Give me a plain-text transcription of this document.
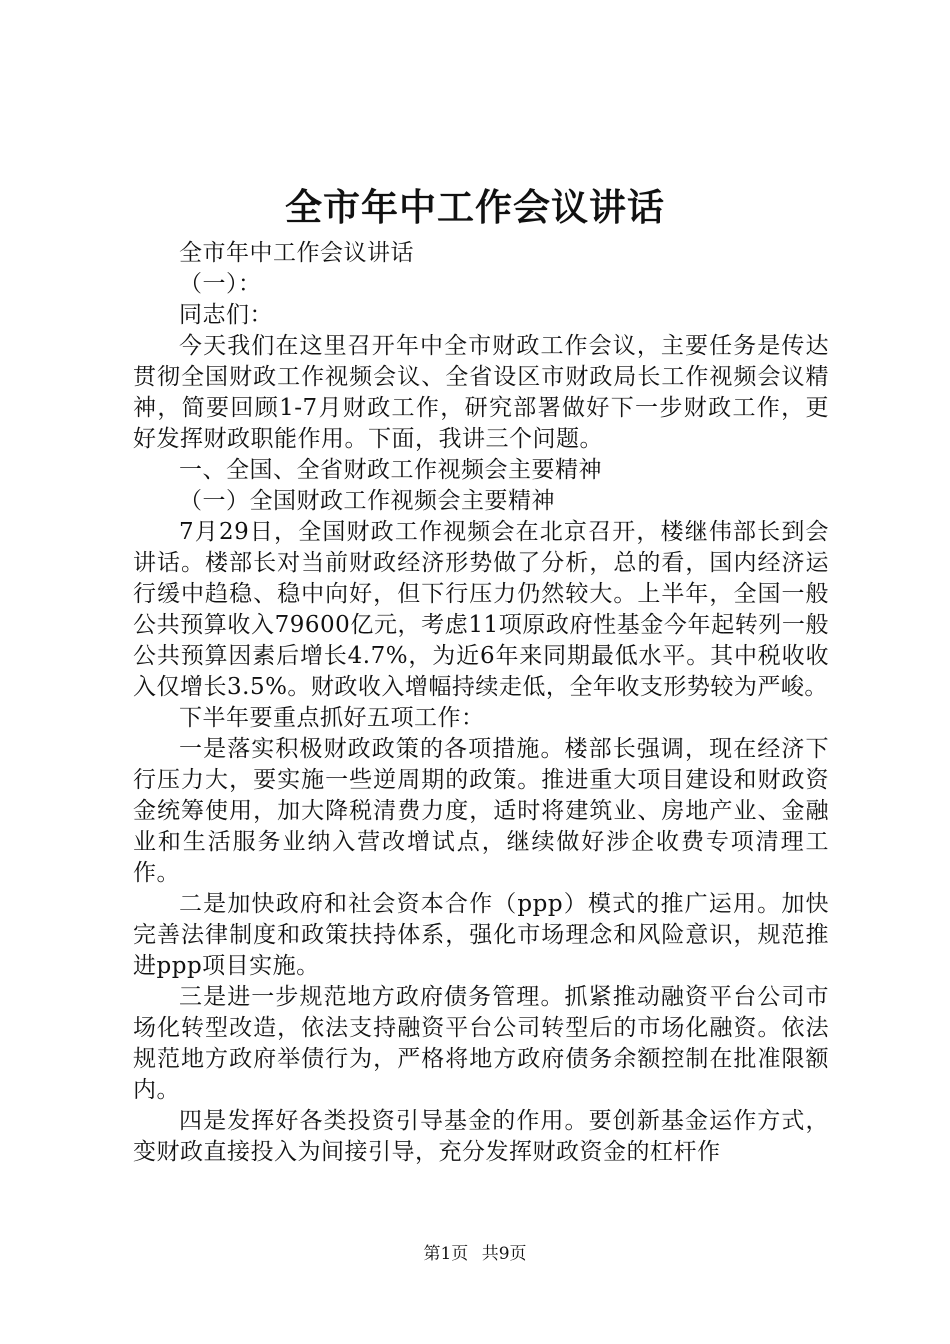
全市年中工作会议讲话

全市年中工作会议讲话

（一）：

同志们：

今天我们在这里召开年中全市财政工作会议，主要任务是传达贯彻全国财政工作视频会议、全省设区市财政局长工作视频会议精神，简要回顾1-7月财政工作，研究部署做好下一步财政工作，更好发挥财政职能作用。下面，我讲三个问题。

一、全国、全省财政工作视频会主要精神

（一）全国财政工作视频会主要精神

7月29日，全国财政工作视频会在北京召开，楼继伟部长到会讲话。楼部长对当前财政经济形势做了分析，总的看，国内经济运行缓中趋稳、稳中向好，但下行压力仍然较大。上半年，全国一般公共预算收入79600亿元，考虑11项原政府性基金今年起转列一般公共预算因素后增长4.7%，为近6年来同期最低水平。其中税收收入仅增长3.5%。财政收入增幅持续走低，全年收支形势较为严峻。

下半年要重点抓好五项工作：

一是落实积极财政政策的各项措施。楼部长强调，现在经济下行压力大，要实施一些逆周期的政策。推进重大项目建设和财政资金统筹使用，加大降税清费力度，适时将建筑业、房地产业、金融业和生活服务业纳入营改增试点，继续做好涉企收费专项清理工作。

二是加快政府和社会资本合作（ppp）模式的推广运用。加快完善法律制度和政策扶持体系，强化市场理念和风险意识，规范推进ppp项目实施。

三是进一步规范地方政府债务管理。抓紧推动融资平台公司市场化转型改造，依法支持融资平台公司转型后的市场化融资。依法规范地方政府举债行为，严格将地方政府债务余额控制在批准限额内。

四是发挥好各类投资引导基金的作用。要创新基金运作方式，变财政直接投入为间接引导，充分发挥财政资金的杠杆作

第1页 共9页
